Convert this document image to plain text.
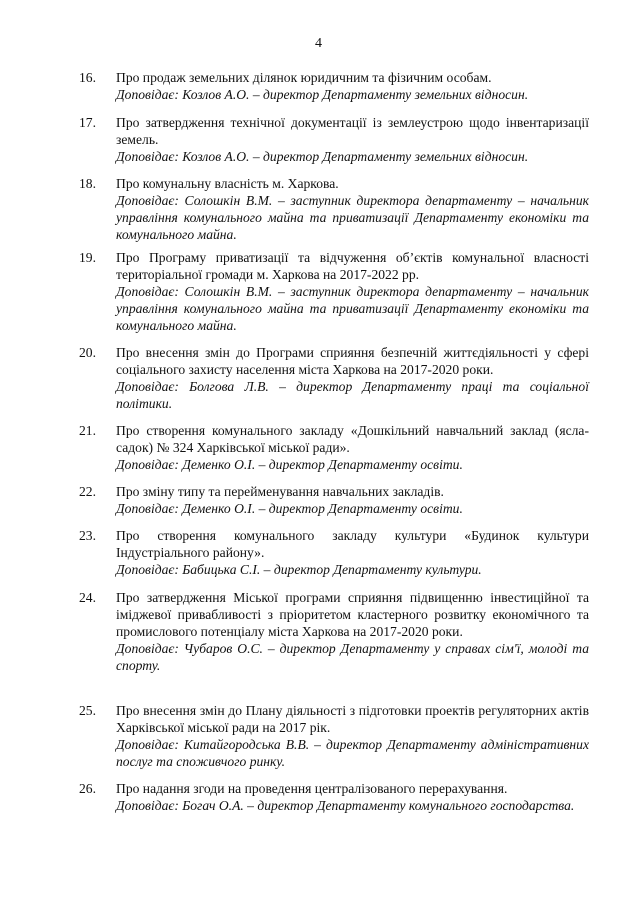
4
16. Про продаж земельних ділянок юридичним та фізичним особам.
Доповідає: Козлов А.О. – директор Департаменту земельних відносин.
17. Про затвердження технічної документації із землеустрою щодо інвентаризації земель.
Доповідає: Козлов А.О. – директор Департаменту земельних відносин.
18. Про комунальну власність м. Харкова.
Доповідає: Солошкін В.М. – заступник директора департаменту – начальник управління комунального майна та приватизації Департаменту економіки та комунального майна.
19. Про Програму приватизації та відчуження об’єктів комунальної власності територіальної громади м. Харкова на 2017-2022 рр.
Доповідає: Солошкін В.М. – заступник директора департаменту – начальник управління комунального майна та приватизації Департаменту економіки та комунального майна.
20. Про внесення змін до Програми сприяння безпечній життєдіяльності у сфері соціального захисту населення міста Харкова на 2017-2020 роки.
Доповідає: Болгова Л.В. – директор Департаменту праці та соціальної політики.
21. Про створення комунального закладу «Дошкільний навчальний заклад (ясла-садок) № 324 Харківської міської ради».
Доповідає: Деменко О.І. – директор Департаменту освіти.
22. Про зміну типу та перейменування навчальних закладів.
Доповідає: Деменко О.І. – директор Департаменту освіти.
23. Про створення комунального закладу культури «Будинок культури Індустріального району».
Доповідає: Бабицька С.І. – директор Департаменту культури.
24. Про затвердження Міської програми сприяння підвищенню інвестиційної та іміджевої привабливості з пріоритетом кластерного розвитку економічного та промислового потенціалу міста Харкова на 2017-2020 роки.
Доповідає: Чубаров О.С. – директор Департаменту у справах сім'ї, молоді та спорту.
25. Про внесення змін до Плану діяльності з підготовки проектів регуляторних актів Харківської міської ради на 2017 рік.
Доповідає: Китайгородська В.В. – директор Департаменту адміністративних послуг та споживчого ринку.
26. Про надання згоди на проведення централізованого перерахування.
Доповідає: Богач О.А. – директор Департаменту комунального господарства.
